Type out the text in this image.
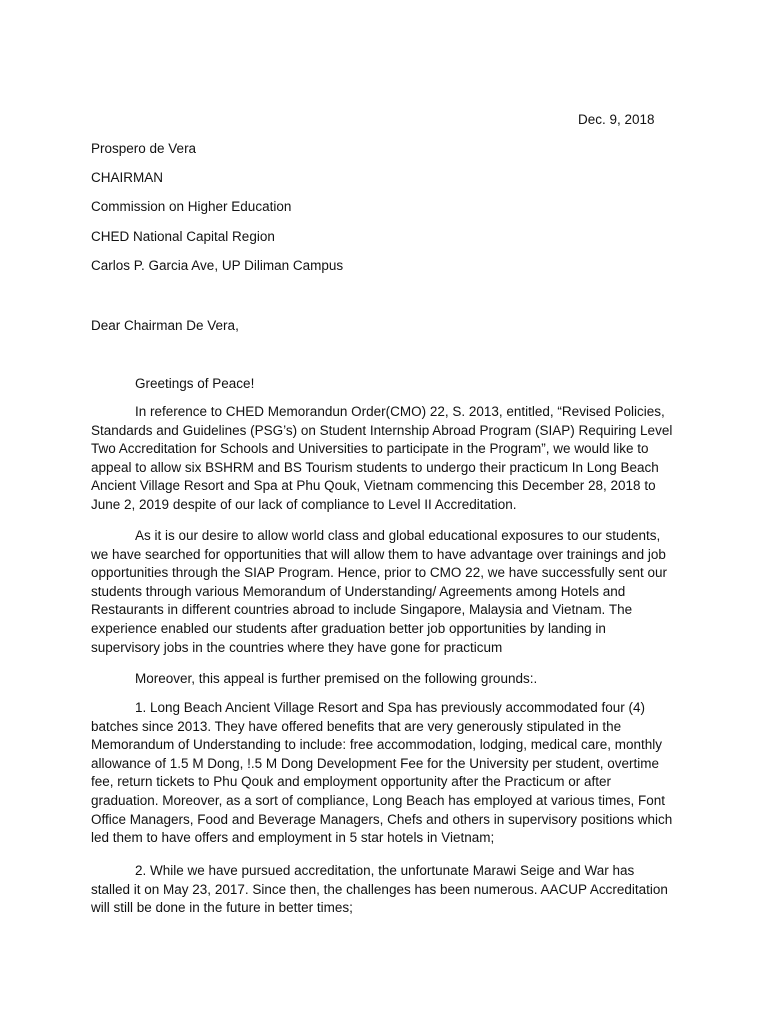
Dec. 9, 2018
Prospero de Vera
CHAIRMAN
Commission on Higher Education
CHED National Capital Region
Carlos P. Garcia Ave, UP Diliman Campus
Dear Chairman De Vera,

Greetings of Peace!

In reference to CHED Memorandun Order(CMO) 22, S. 2013, entitled, “Revised Policies, Standards and Guidelines (PSG’s) on Student Internship Abroad Program (SIAP) Requiring Level Two Accreditation for Schools and Universities to participate in the Program”, we would like to appeal to allow six BSHRM and BS Tourism students to undergo their practicum In Long Beach Ancient Village Resort and Spa at Phu Qouk, Vietnam commencing this December 28, 2018 to June 2, 2019 despite of our lack of compliance to Level II Accreditation.

As it is our desire to allow world class and global educational exposures to our students, we have searched for opportunities that will allow them to have advantage over trainings and job opportunities through the SIAP Program. Hence, prior to CMO 22, we have successfully sent our students through various Memorandum of Understanding/ Agreements among Hotels and Restaurants in different countries abroad to include Singapore, Malaysia and Vietnam. The experience enabled our students after graduation better job opportunities by landing in supervisory jobs in the countries where they have gone for practicum

Moreover, this appeal is further premised on the following grounds:.

1. Long Beach Ancient Village Resort and Spa has previously accommodated four (4) batches since 2013. They have offered benefits that are very generously stipulated in the Memorandum of Understanding to include: free accommodation, lodging, medical care, monthly allowance of 1.5 M Dong, !.5 M Dong Development Fee for the University per student, overtime fee, return tickets to Phu Qouk and employment opportunity after the Practicum or after graduation. Moreover, as a sort of compliance, Long Beach has employed at various times, Font Office Managers, Food and Beverage Managers, Chefs and others in supervisory positions which led them to have offers and employment in 5 star hotels in Vietnam;

2. While we have pursued accreditation, the unfortunate Marawi Seige and War has stalled it on May 23, 2017. Since then, the challenges has been numerous. AACUP Accreditation will still be done in the future in better times;
